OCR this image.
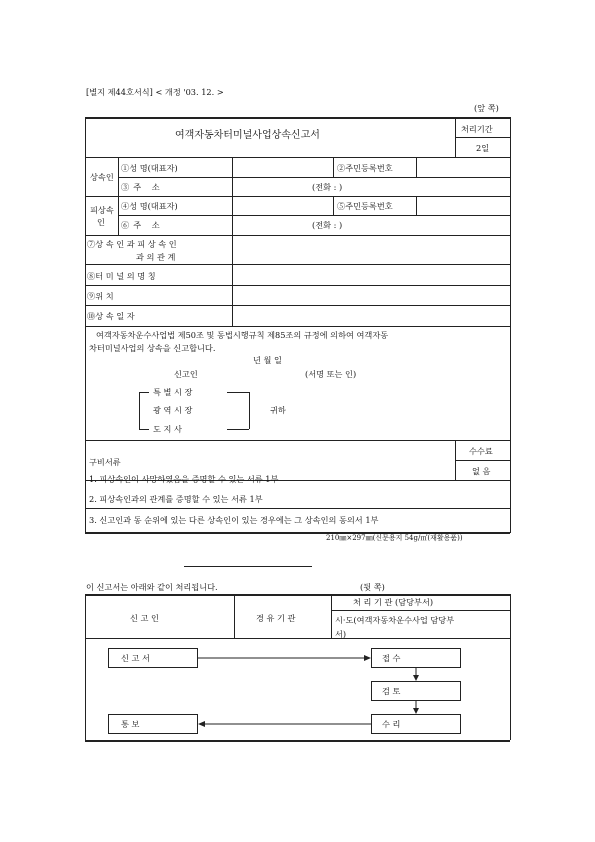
[별지 제44호서식] < 개정 '03. 12. >
(앞 쪽)
여객자동차터미널사업상속신고서
처리기간
2일
상속인
①성 명(대표자)	②주민등록번호
③주 소	(전화 : )
피상속
인
④성 명(대표자)	⑤주민등록번호
⑥주 소	(전화 : )
⑦상 속 인 과 피 상 속 인
과 의 관 계
⑧터 미 널 의 명 칭
⑨위 치
⑩상 속 일 자
여객자동차운수사업법 제50조 및 동법시행규칙 제85조의 규정에 의하여 여객자동
차터미널사업의 상속을 신고합니다.
년 월 일
신고인	(서명 또는 인)
특 별 시 장
광 역 시 장
도 지 사
귀하
구비서류
수수료
없 음
1. 피상속인이 사망하였음을 증명할 수 있는 서류 1부
2. 피상속인과의 관계를 증명할 수 있는 서류 1부
3. 신고인과 동 순위에 있는 다른 상속인이 있는 경우에는 그 상속인의 동의서 1부
210㎜×297㎜(신문용지 54g/㎡(재활용품))
이 신고서는 아래와 같이 처리됩니다.	(뒷 쪽)
신 고 인	경 유 기 관
처 리 기 관 (담당부서)
시·도(여객자동차운수사업 담당부
서)
신 고 서	접 수
검 토
수 리
통 보
